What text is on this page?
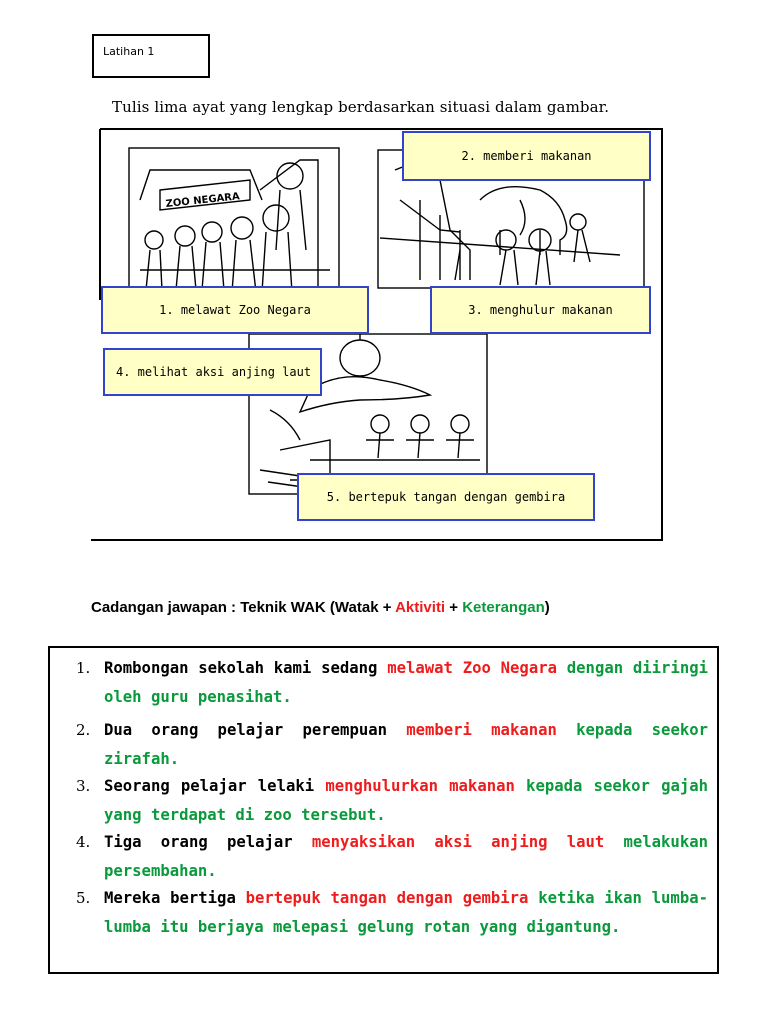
Latihan 1
Tulis lima ayat yang lengkap berdasarkan situasi dalam gambar.
ZOO NEGARA
2. memberi makanan
1. melawat Zoo Negara	3. menghulur makanan
4. melihat aksi anjing laut
5. bertepuk tangan dengan gembira
Cadangan jawapan : Teknik WAK (Watak + Aktiviti + Keterangan)
1. Rombongan sekolah kami sedang melawat Zoo Negara dengan diiringi oleh guru penasihat.
2. Dua orang pelajar perempuan memberi makanan kepada seekor zirafah.
3. Seorang pelajar lelaki menghulurkan makanan kepada seekor gajah yang terdapat di zoo tersebut.
4. Tiga orang pelajar menyaksikan aksi anjing laut melakukan persembahan.
5. Mereka bertiga bertepuk tangan dengan gembira ketika ikan lumba-lumba itu berjaya melepasi gelung rotan yang digantung.
